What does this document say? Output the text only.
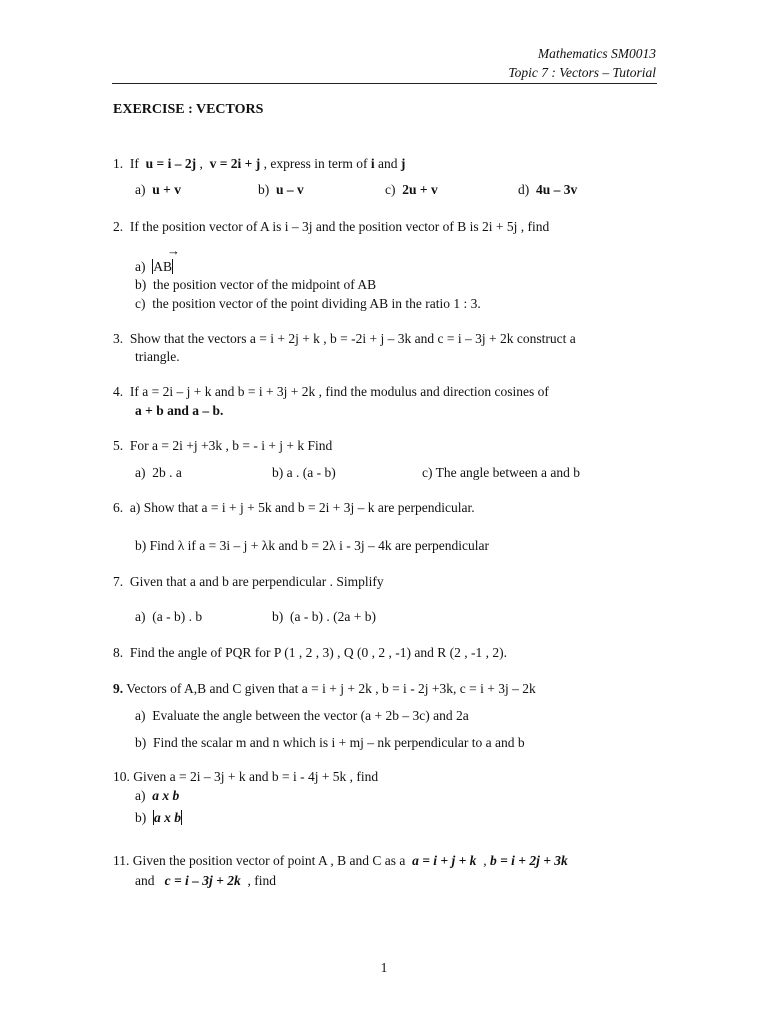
Mathematics SM0013
Topic 7 : Vectors – Tutorial
EXERCISE : VECTORS
1. If u = i – 2j , v = 2i + j , express in term of i and j
a) u + v	b) u – v	c) 2u + v	d) 4u – 3v
2. If the position vector of A is i – 3j and the position vector of B is 2i + 5j , find
→
a) AB
b) the position vector of the midpoint of AB
c) the position vector of the point dividing AB in the ratio 1 : 3.
3. Show that the vectors a = i + 2j + k , b = -2i + j – 3k and c = i – 3j + 2k construct a
triangle.
4. If a = 2i – j + k and b = i + 3j + 2k , find the modulus and direction cosines of
a + b and a – b.
5. For a = 2i +j +3k , b = - i + j + k Find
a) 2b . a	b) a . (a - b)	c) The angle between a and b
6. a) Show that a = i + j + 5k and b = 2i + 3j – k are perpendicular.
b) Find λ if a = 3i – j + λk and b = 2λ i - 3j – 4k are perpendicular
7. Given that a and b are perpendicular . Simplify
a) (a - b) . b	b) (a - b) . (2a + b)
8. Find the angle of PQR for P (1 , 2 , 3) , Q (0 , 2 , -1) and R (2 , -1 , 2).
9. Vectors of A,B and C given that a = i + j + 2k , b = i - 2j +3k, c = i + 3j – 2k
a) Evaluate the angle between the vector (a + 2b – 3c) and 2a
b) Find the scalar m and n which is i + mj – nk perpendicular to a and b
10. Given a = 2i – 3j + k and b = i - 4j + 5k , find
a) a x b
b) a x b
11. Given the position vector of point A , B and C as a a = i + j + k , b = i + 2j + 3k
and c = i – 3j + 2k , find
1
